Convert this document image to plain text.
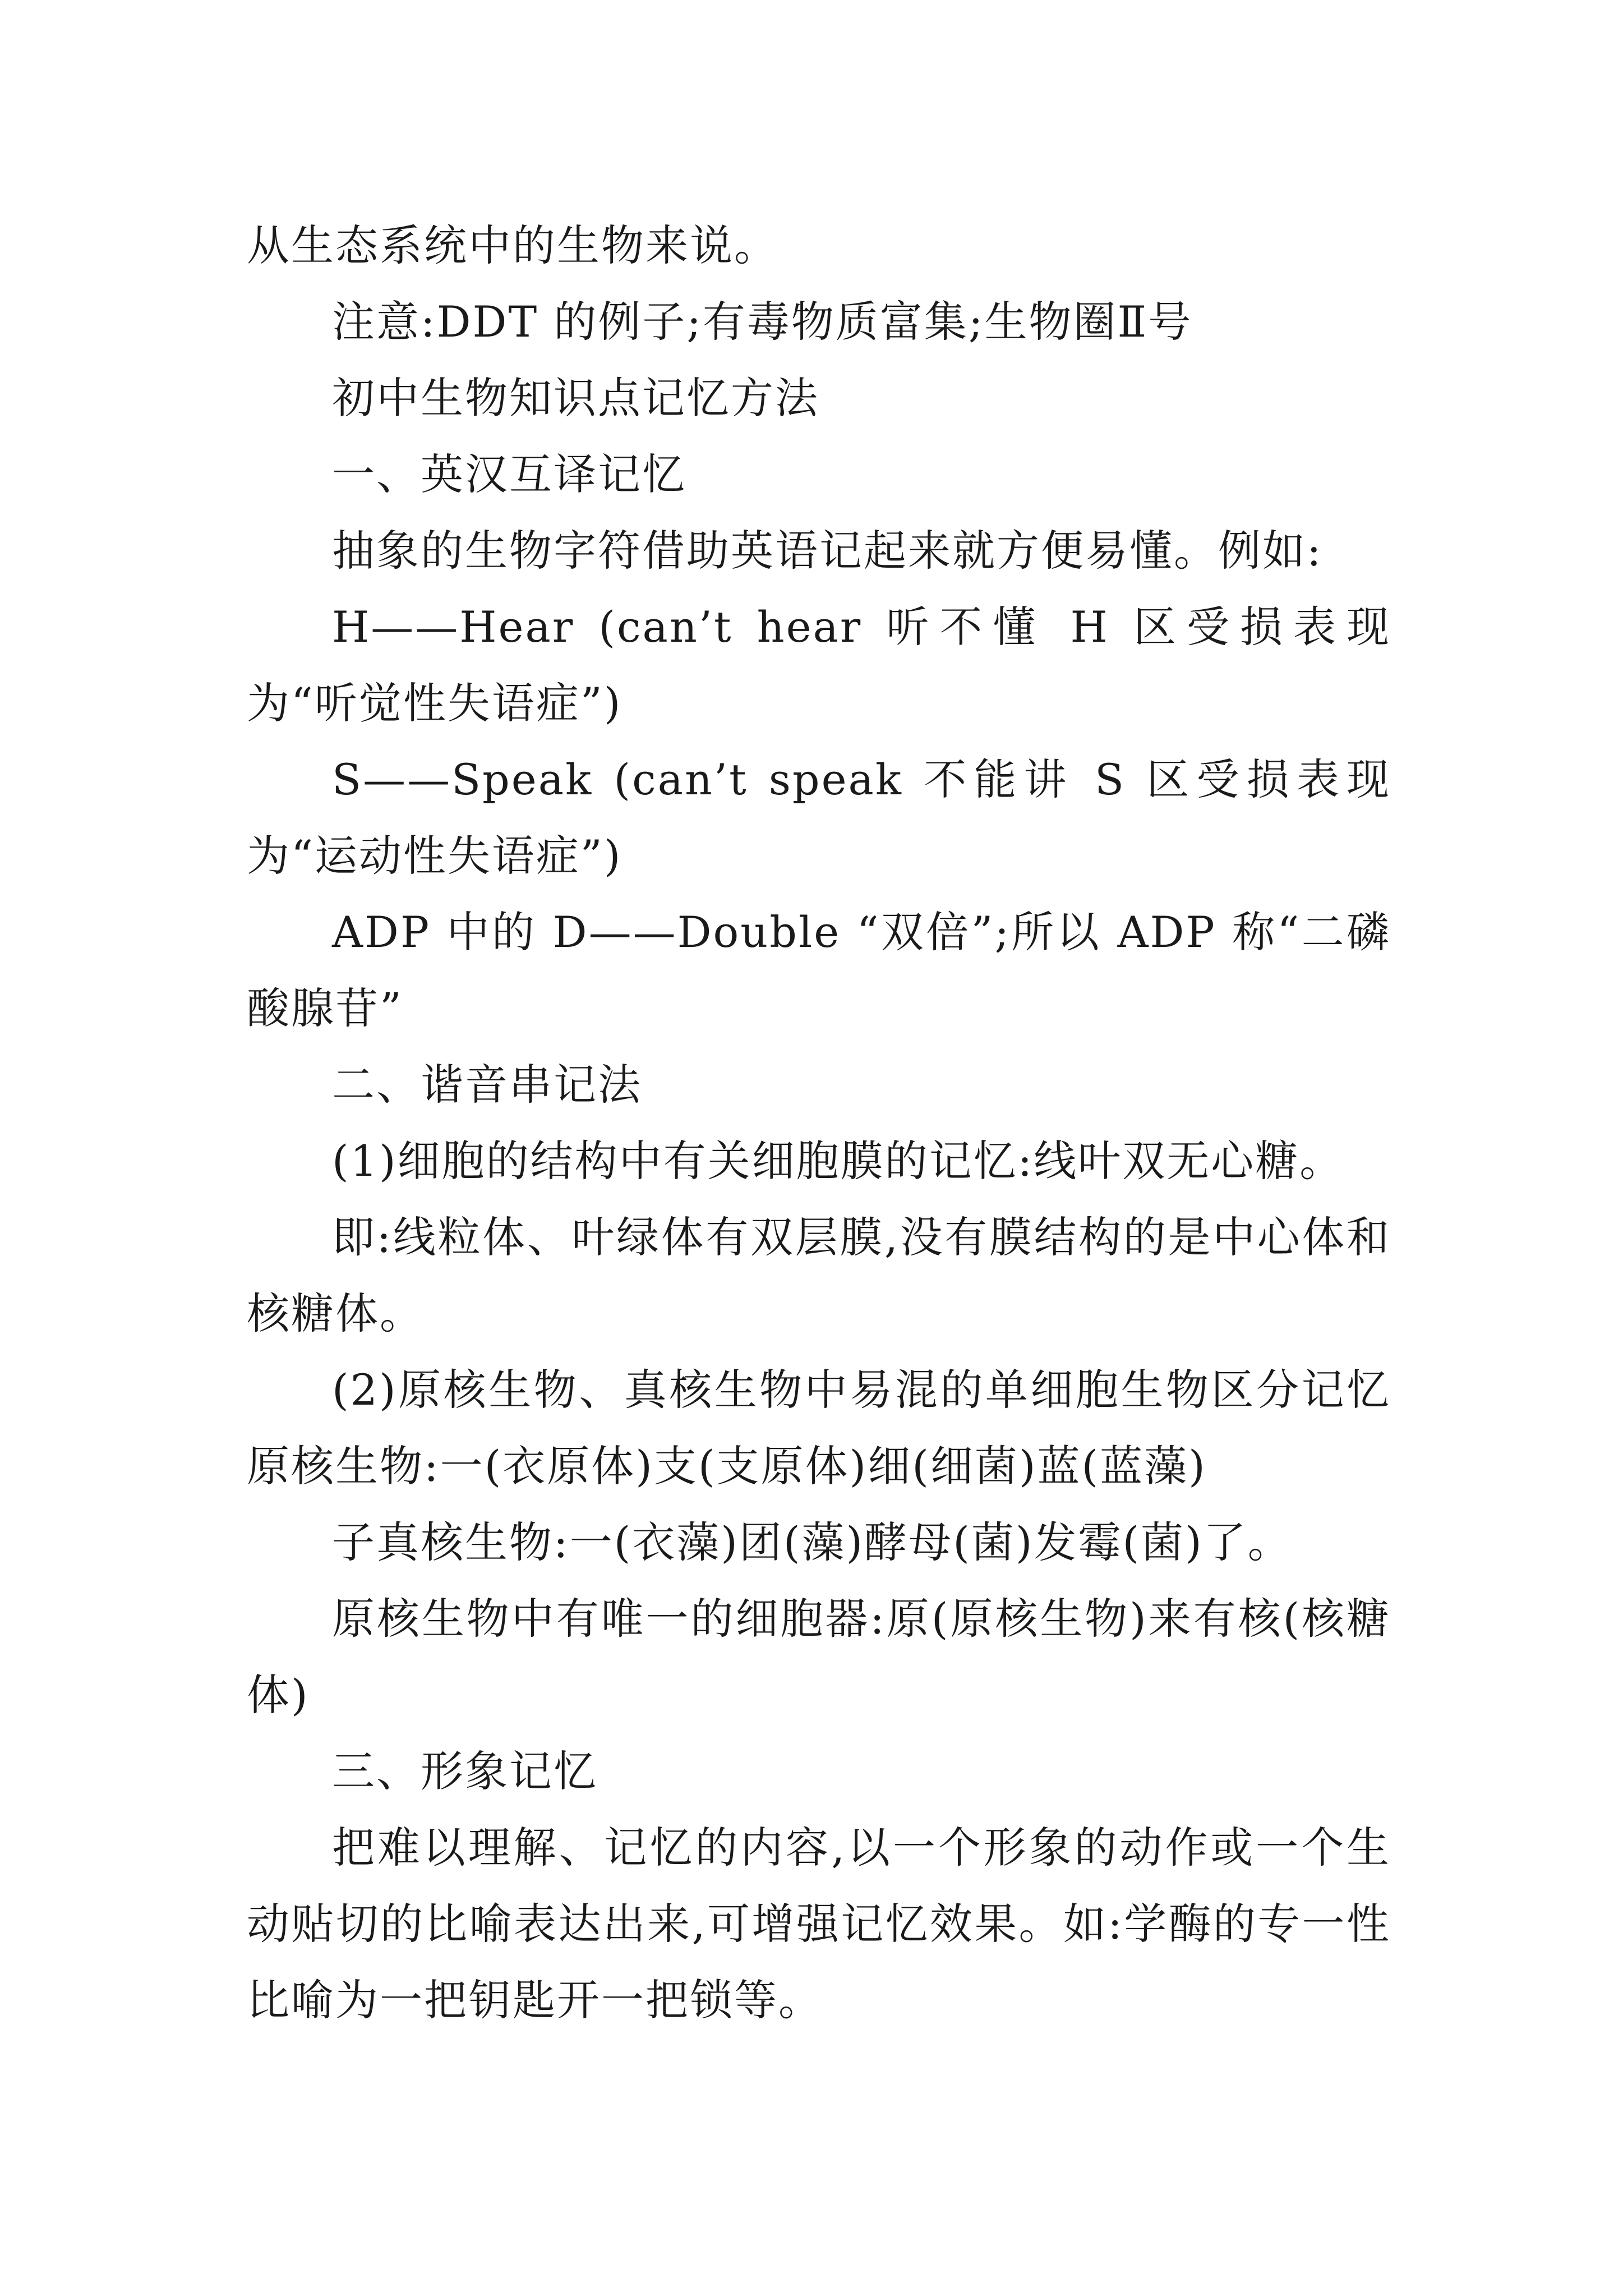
从生态系统中的生物来说。

注意:DDT 的例子;有毒物质富集;生物圈Ⅱ号

初中生物知识点记忆方法

一、英汉互译记忆

抽象的生物字符借助英语记起来就方便易懂。例如:

H——Hear (can’t hear 听不懂 H 区受损表现为“听觉性失语症”)

S——Speak (can’t speak 不能讲 S 区受损表现为“运动性失语症”)

ADP 中的 D——Double “双倍”;所以 ADP 称“二磷酸腺苷”

二、谐音串记法

(1)细胞的结构中有关细胞膜的记忆:线叶双无心糖。

即:线粒体、叶绿体有双层膜,没有膜结构的是中心体和核糖体。

(2)原核生物、真核生物中易混的单细胞生物区分记忆原核生物:一(衣原体)支(支原体)细(细菌)蓝(蓝藻)

子真核生物:一(衣藻)团(藻)酵母(菌)发霉(菌)了。

原核生物中有唯一的细胞器:原(原核生物)来有核(核糖体)

三、形象记忆

把难以理解、记忆的内容,以一个形象的动作或一个生动贴切的比喻表达出来,可增强记忆效果。如:学酶的专一性比喻为一把钥匙开一把锁等。
